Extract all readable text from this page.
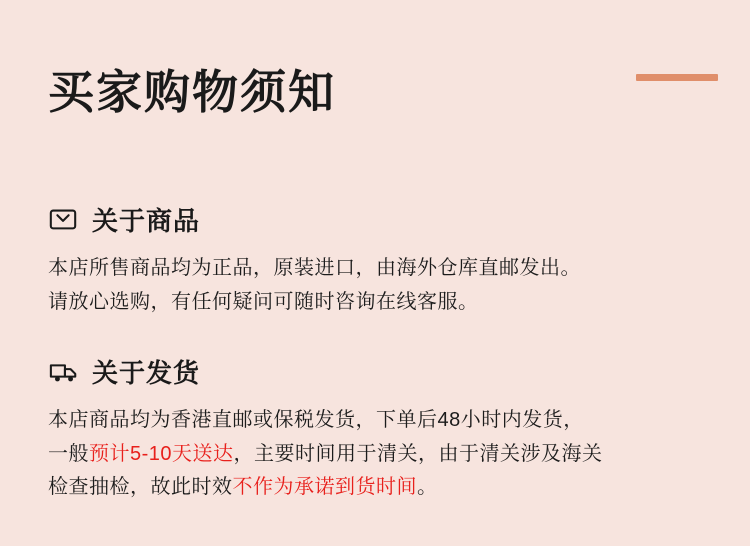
买家购物须知
关于商品
本店所售商品均为正品，原装进口，由海外仓库直邮发出。
请放心选购，有任何疑问可随时咨询在线客服。
关于发货
本店商品均为香港直邮或保税发货，下单后48小时内发货，
一般预计5-10天送达，主要时间用于清关，由于清关涉及海关
检查抽检，故此时效不作为承诺到货时间。
